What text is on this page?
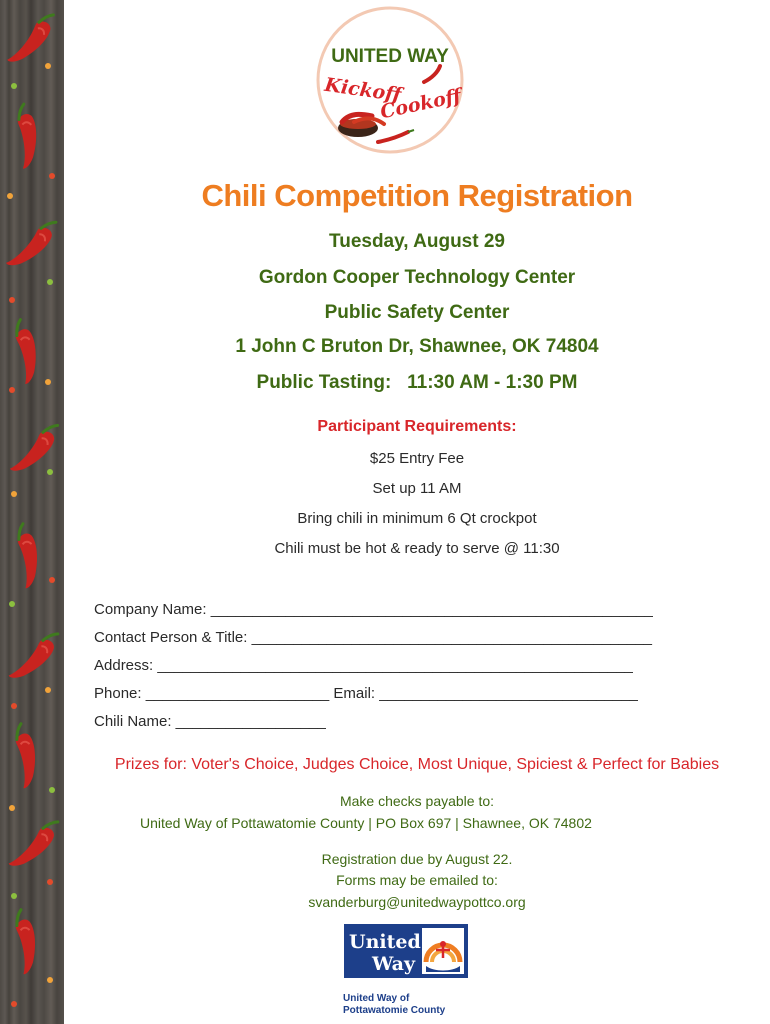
UNITED WAY
Kickoff
Cookoff
Chili Competition Registration
Tuesday, August 29
Gordon Cooper Technology Center
Public Safety Center
1 John C Bruton Dr, Shawnee, OK 74804
Public Tasting:   11:30 AM - 1:30 PM
Participant Requirements:
$25 Entry Fee
Set up 11 AM
Bring chili in minimum 6 Qt crockpot
Chili must be hot & ready to serve @ 11:30
Company Name: _____________________________________________________
Contact Person & Title: ________________________________________________
Address: _________________________________________________________
Phone: ______________________ Email: _______________________________
Chili Name: __________________
Prizes for: Voter's Choice, Judges Choice, Most Unique, Spiciest & Perfect for Babies
Make checks payable to:
United Way of Pottawatomie County | PO Box 697 | Shawnee, OK 74802
Registration due by August 22.
Forms may be emailed to:
svanderburg@unitedwaypottco.org
United
Way
United Way of
Pottawatomie County
